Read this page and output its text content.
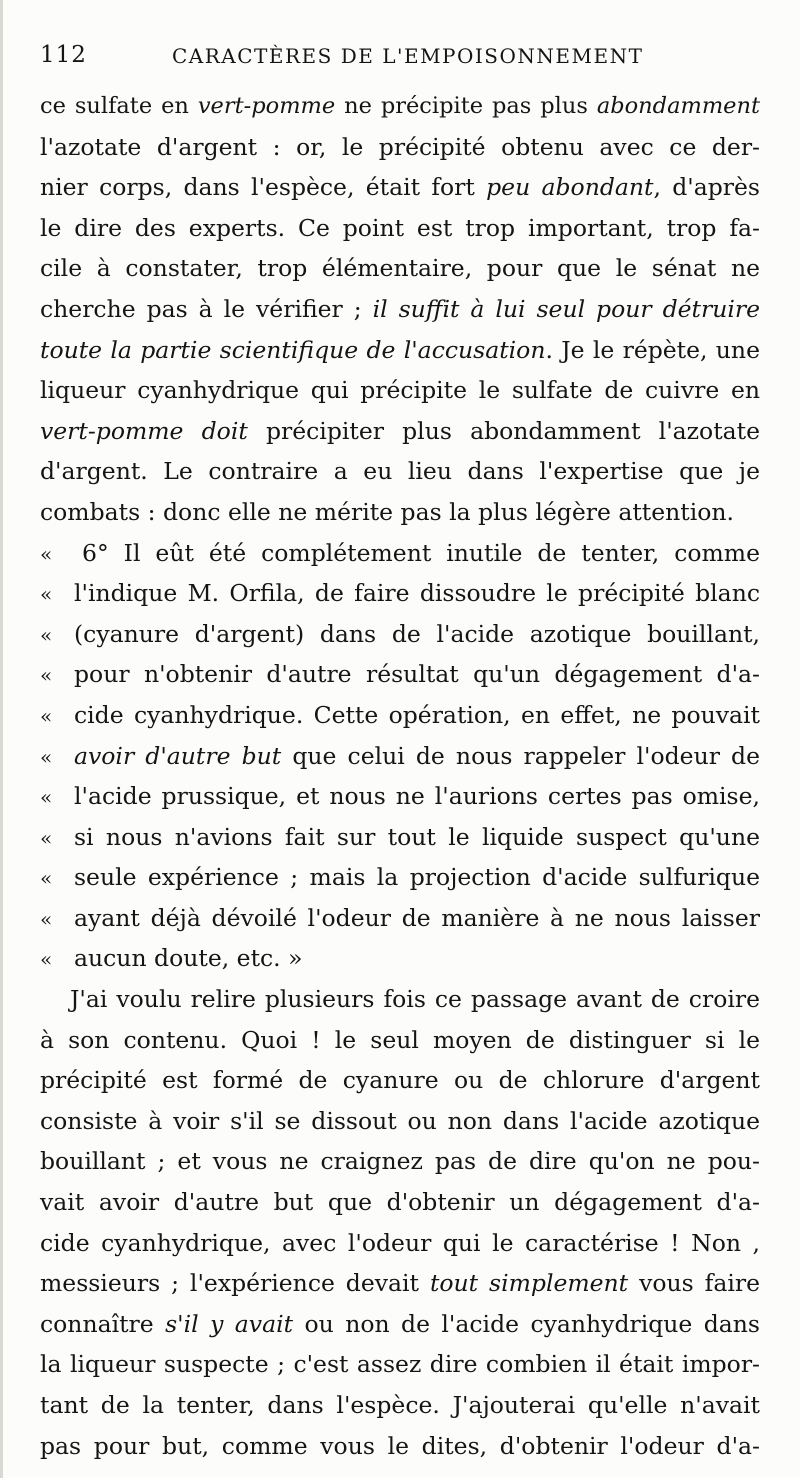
112	CARACTÈRES DE L'EMPOISONNEMENT
ce sulfate en vert-pomme ne précipite pas plus abondamment
l'azotate d'argent : or, le précipité obtenu avec ce der-
nier corps, dans l'espèce, était fort peu abondant, d'après
le dire des experts. Ce point est trop important, trop fa-
cile à constater, trop élémentaire, pour que le sénat ne
cherche pas à le vérifier ; il suffit à lui seul pour détruire
toute la partie scientifique de l'accusation. Je le répète, une
liqueur cyanhydrique qui précipite le sulfate de cuivre en
vert-pomme doit précipiter plus abondamment l'azotate
d'argent. Le contraire a eu lieu dans l'expertise que je
combats : donc elle ne mérite pas la plus légère attention.
« 6° Il eût été complétement inutile de tenter, comme
« l'indique M. Orfila, de faire dissoudre le précipité blanc
« (cyanure d'argent) dans de l'acide azotique bouillant,
« pour n'obtenir d'autre résultat qu'un dégagement d'a-
« cide cyanhydrique. Cette opération, en effet, ne pouvait
« avoir d'autre but que celui de nous rappeler l'odeur de
« l'acide prussique, et nous ne l'aurions certes pas omise,
« si nous n'avions fait sur tout le liquide suspect qu'une
« seule expérience ; mais la projection d'acide sulfurique
« ayant déjà dévoilé l'odeur de manière à ne nous laisser
« aucun doute, etc. »
J'ai voulu relire plusieurs fois ce passage avant de croire
à son contenu. Quoi ! le seul moyen de distinguer si le
précipité est formé de cyanure ou de chlorure d'argent
consiste à voir s'il se dissout ou non dans l'acide azotique
bouillant ; et vous ne craignez pas de dire qu'on ne pou-
vait avoir d'autre but que d'obtenir un dégagement d'a-
cide cyanhydrique, avec l'odeur qui le caractérise ! Non ,
messieurs ; l'expérience devait tout simplement vous faire
connaître s'il y avait ou non de l'acide cyanhydrique dans
la liqueur suspecte ; c'est assez dire combien il était impor-
tant de la tenter, dans l'espèce. J'ajouterai qu'elle n'avait
pas pour but, comme vous le dites, d'obtenir l'odeur d'a-
